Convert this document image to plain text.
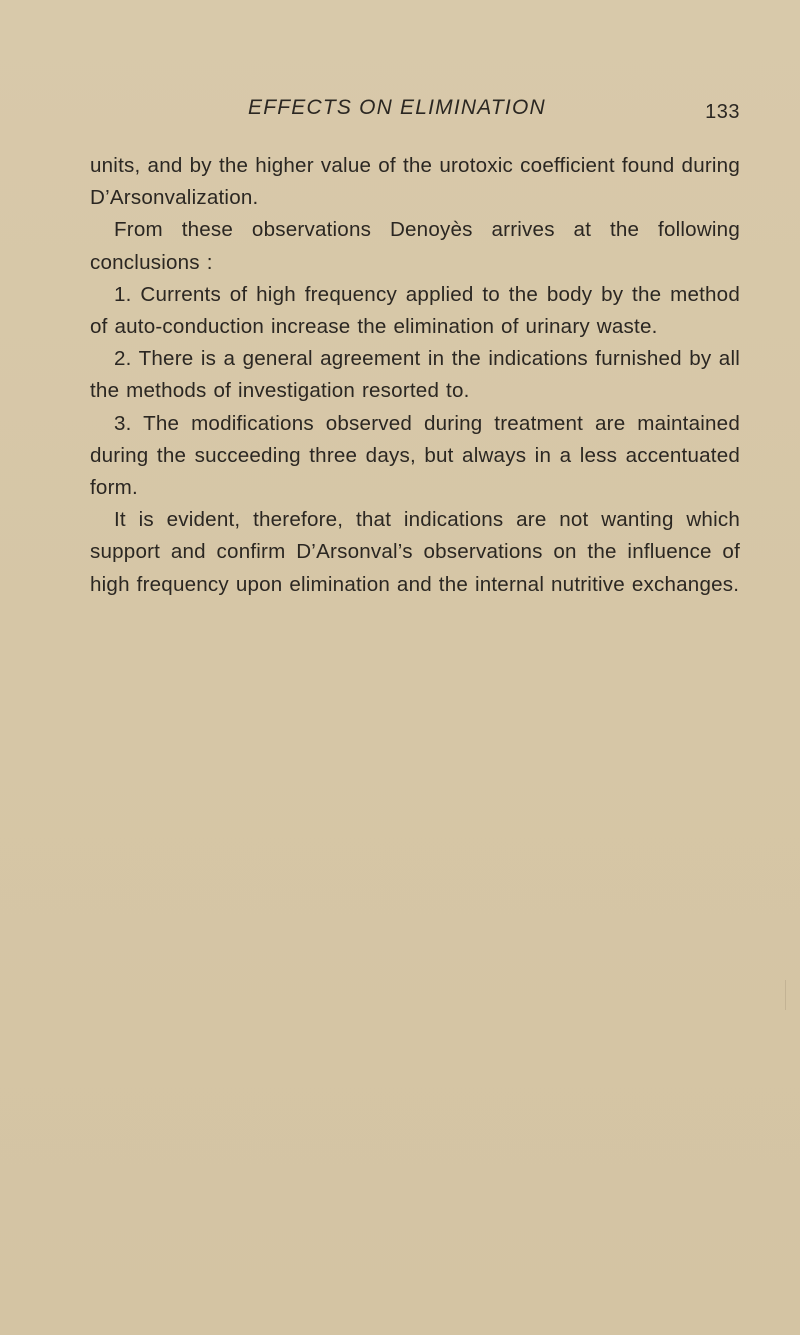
EFFECTS ON ELIMINATION	133

units, and by the higher value of the urotoxic coefficient found during D’Arsonvalization.

From these observations Denoyès arrives at the following conclusions :

1. Currents of high frequency applied to the body by the method of auto-conduction increase the elimination of urinary waste.

2. There is a general agreement in the indications furnished by all the methods of investigation resorted to.

3. The modifications observed during treatment are maintained during the succeeding three days, but always in a less accentuated form.

It is evident, therefore, that indications are not wanting which support and confirm D’Arsonval’s observations on the influence of high frequency upon elimination and the internal nutritive exchanges.
